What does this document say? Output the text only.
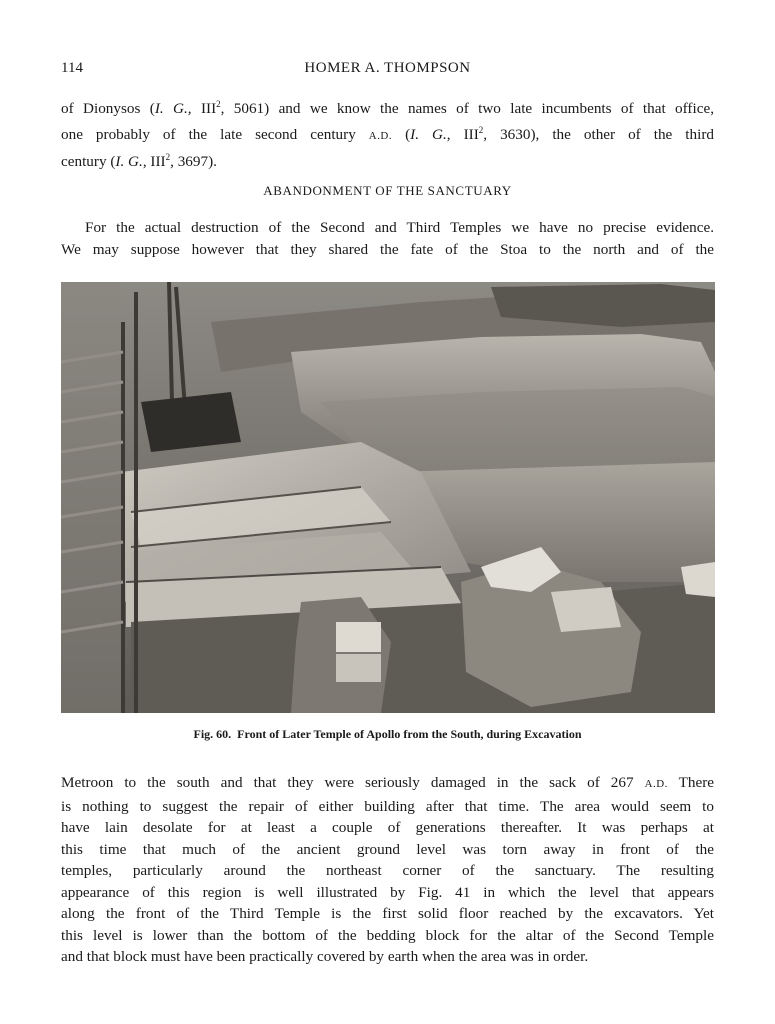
114	HOMER A. THOMPSON

of Dionysos (I. G., III$^2$, 5061) and we know the names of two late incumbents of that office,
one probably of the late second century A.D. (I. G., III$^2$, 3630), the other of the third
century (I. G., III$^2$, 3697).

ABANDONMENT OF THE SANCTUARY

For the actual destruction of the Second and Third Temples we have no precise evidence.
We may suppose however that they shared the fate of the Stoa to the north and of the

Fig. 60. Front of Later Temple of Apollo from the South, during Excavation

Metroon to the south and that they were seriously damaged in the sack of 267 A.D. There
is nothing to suggest the repair of either building after that time. The area would seem to
have lain desolate for at least a couple of generations thereafter. It was perhaps at
this time that much of the ancient ground level was torn away in front of the
temples, particularly around the northeast corner of the sanctuary. The resulting
appearance of this region is well illustrated by Fig. 41 in which the level that appears
along the front of the Third Temple is the first solid floor reached by the excavators. Yet
this level is lower than the bottom of the bedding block for the altar of the Second Temple
and that block must have been practically covered by earth when the area was in order.
